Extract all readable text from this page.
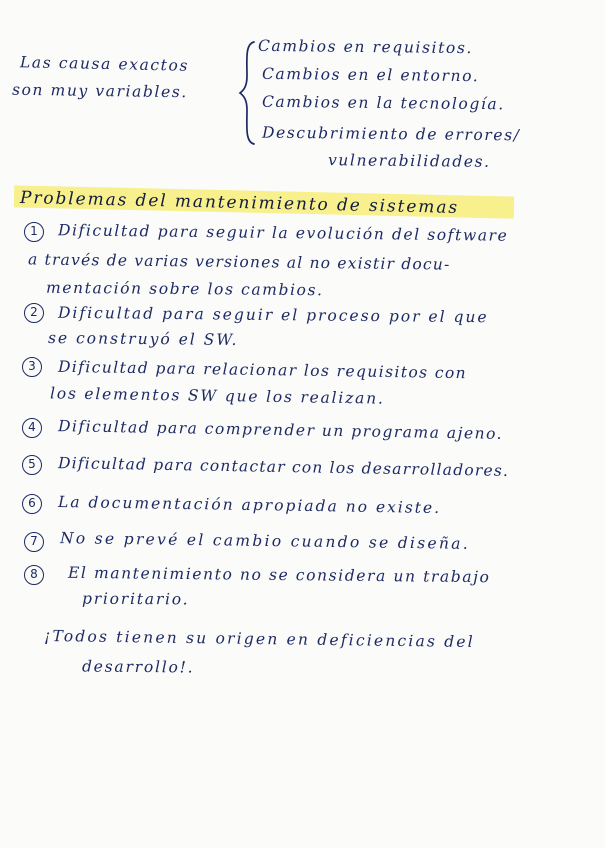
Las causa exactos
son muy variables.
Cambios en requisitos.
Cambios en el entorno.
Cambios en la tecnología.
Descubrimiento de errores/
vulnerabilidades.
Problemas del mantenimiento de sistemas
1	Dificultad para seguir la evolución del software
a través de varias versiones al no existir docu-
mentación sobre los cambios.
2	Dificultad para seguir el proceso por el que
se construyó el SW.
3	Dificultad para relacionar los requisitos con
los elementos SW que los realizan.
4	Dificultad para comprender un programa ajeno.
5	Dificultad para contactar con los desarrolladores.
6	La documentación apropiada no existe.
7	No se prevé el cambio cuando se diseña.
8	El mantenimiento no se considera un trabajo
prioritario.
¡Todos tienen su origen en deficiencias del
desarrollo!.
